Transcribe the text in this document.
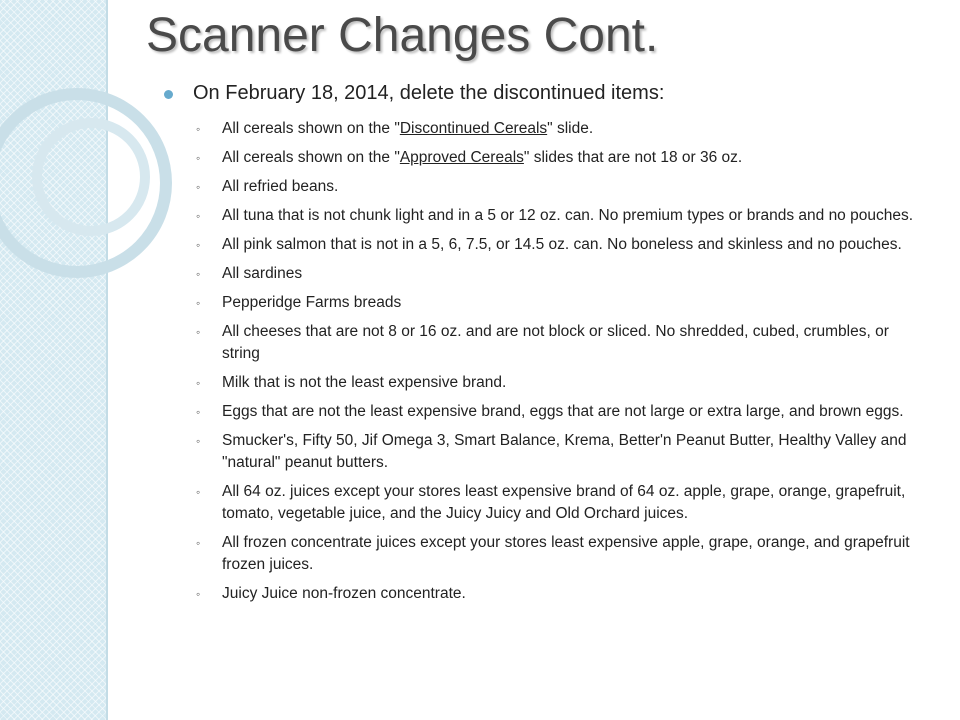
Scanner Changes Cont.
On February 18, 2014, delete the discontinued items:
◦ All cereals shown on the "Discontinued Cereals" slide.
◦ All cereals shown on the "Approved Cereals" slides that are not 18 or 36 oz.
◦ All refried beans.
◦ All tuna that is not chunk light and in a 5 or 12 oz. can. No premium types or brands and no pouches.
◦ All pink salmon that is not in a 5, 6, 7.5, or 14.5 oz. can. No boneless and skinless and no pouches.
◦ All sardines
◦ Pepperidge Farms breads
◦ All cheeses that are not 8 or 16 oz. and are not block or sliced. No shredded, cubed, crumbles, or string
◦ Milk that is not the least expensive brand.
◦ Eggs that are not the least expensive brand, eggs that are not large or extra large, and brown eggs.
◦ Smucker's, Fifty 50, Jif Omega 3, Smart Balance, Krema, Better'n Peanut Butter, Healthy Valley and "natural" peanut butters.
◦ All 64 oz. juices except your stores least expensive brand of 64 oz. apple, grape, orange, grapefruit, tomato, vegetable juice, and the Juicy Juicy and Old Orchard juices.
◦ All frozen concentrate juices except your stores least expensive apple, grape, orange, and grapefruit frozen juices.
◦ Juicy Juice non-frozen concentrate.
